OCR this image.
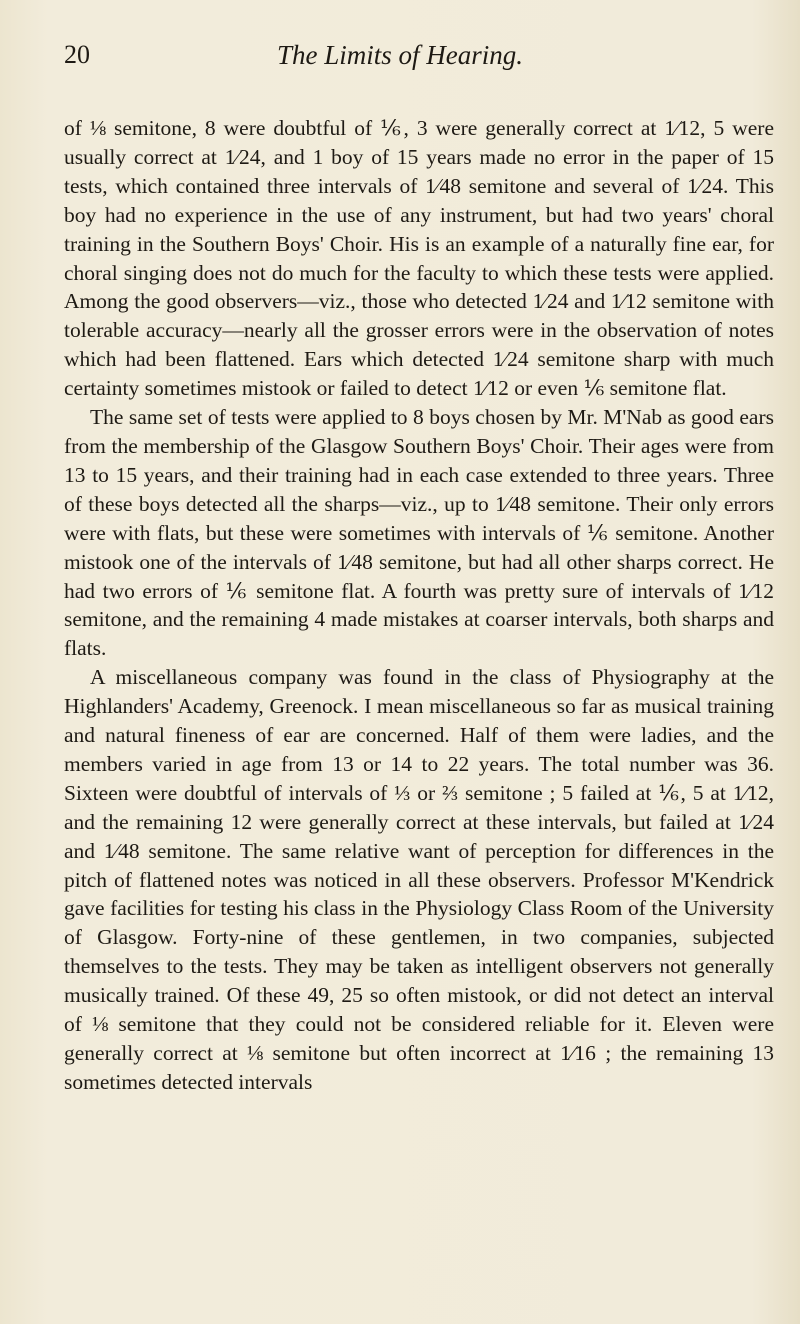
20	The Limits of Hearing.

of ⅛ semitone, 8 were doubtful of ⅙, 3 were generally correct at 1⁄12, 5 were usually correct at 1⁄24, and 1 boy of 15 years made no error in the paper of 15 tests, which contained three intervals of 1⁄48 semitone and several of 1⁄24. This boy had no experience in the use of any instrument, but had two years' choral training in the Southern Boys' Choir. His is an example of a naturally fine ear, for choral singing does not do much for the faculty to which these tests were applied. Among the good observers—viz., those who detected 1⁄24 and 1⁄12 semitone with tolerable accuracy—nearly all the grosser errors were in the observation of notes which had been flattened. Ears which detected 1⁄24 semitone sharp with much certainty sometimes mistook or failed to detect 1⁄12 or even ⅙ semitone flat.

The same set of tests were applied to 8 boys chosen by Mr. M'Nab as good ears from the membership of the Glasgow Southern Boys' Choir. Their ages were from 13 to 15 years, and their training had in each case extended to three years. Three of these boys detected all the sharps—viz., up to 1⁄48 semitone. Their only errors were with flats, but these were sometimes with intervals of ⅙ semitone. Another mistook one of the intervals of 1⁄48 semitone, but had all other sharps correct. He had two errors of ⅙ semitone flat. A fourth was pretty sure of intervals of 1⁄12 semitone, and the remaining 4 made mistakes at coarser intervals, both sharps and flats.

A miscellaneous company was found in the class of Physiography at the Highlanders' Academy, Greenock. I mean miscellaneous so far as musical training and natural fineness of ear are concerned. Half of them were ladies, and the members varied in age from 13 or 14 to 22 years. The total number was 36. Sixteen were doubtful of intervals of ⅓ or ⅔ semitone ; 5 failed at ⅙, 5 at 1⁄12, and the remaining 12 were generally correct at these intervals, but failed at 1⁄24 and 1⁄48 semitone. The same relative want of perception for differences in the pitch of flattened notes was noticed in all these observers. Professor M'Kendrick gave facilities for testing his class in the Physiology Class Room of the University of Glasgow. Forty-nine of these gentlemen, in two companies, subjected themselves to the tests. They may be taken as intelligent observers not generally musically trained. Of these 49, 25 so often mistook, or did not detect an interval of ⅛ semitone that they could not be considered reliable for it. Eleven were generally correct at ⅛ semitone but often incorrect at 1⁄16 ; the remaining 13 sometimes detected intervals
